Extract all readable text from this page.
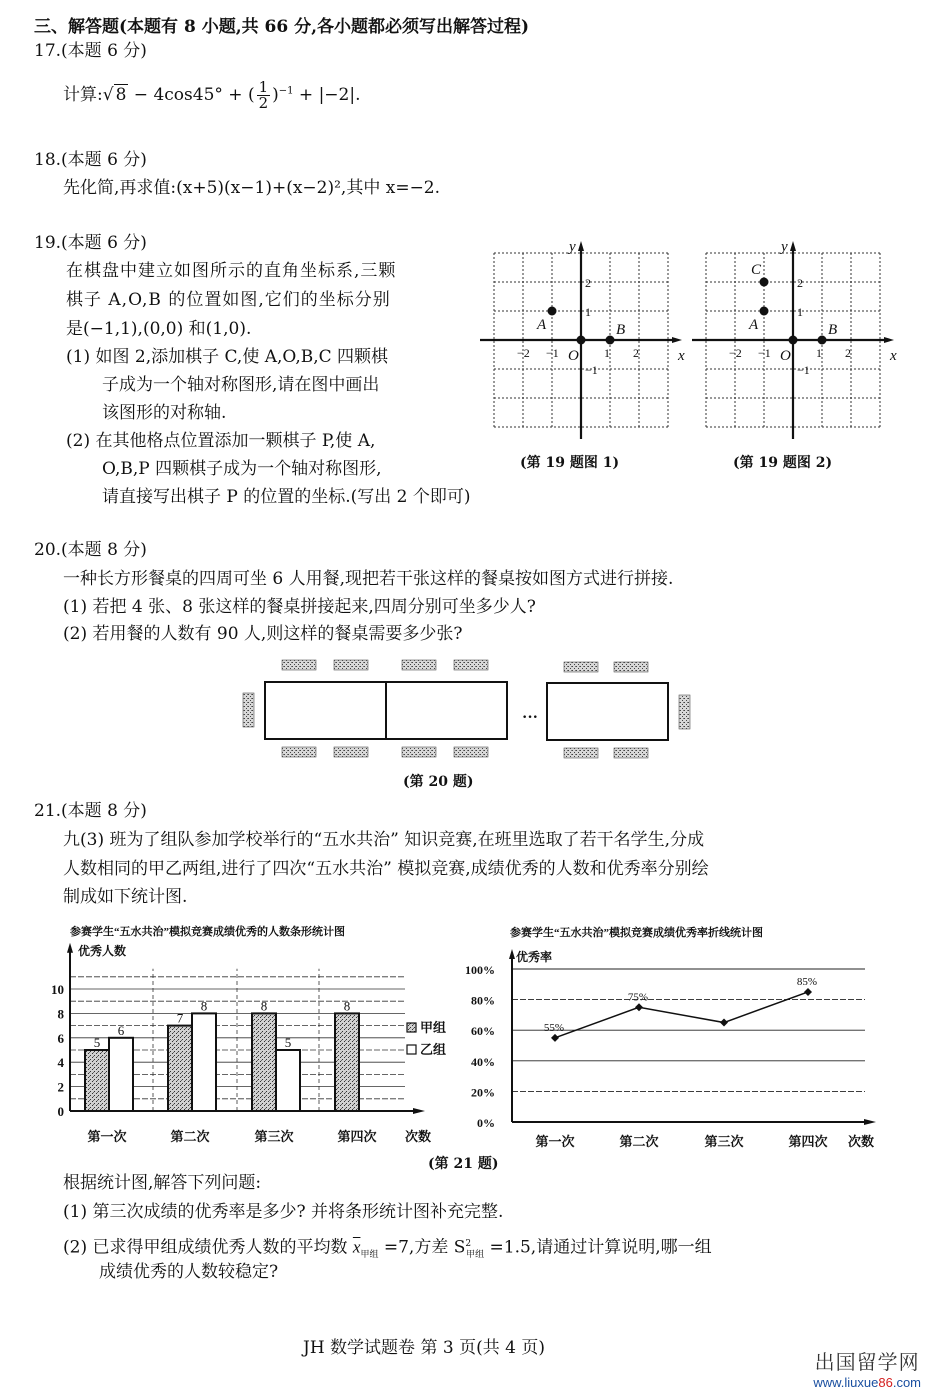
三、解答题(本题有 8 小题,共 66 分,各小题都必须写出解答过程)
17.(本题 6 分)
计算:√ 8 − 4cos45° + ( $\frac{1}{2} )^{-1} + |-2|$.
18.(本题 6 分)
先化简,再求值:(x+5)(x−1)+(x−2)²,其中 x=−2.
19.(本题 6 分)
在棋盘中建立如图所示的直角坐标系,三颗
棋子 A,O,B 的位置如图,它们的坐标分别
是(−1,1),(0,0) 和(1,0).
(1) 如图 2,添加棋子 C,使 A,O,B,C 四颗棋
子成为一个轴对称图形,请在图中画出
该图形的对称轴.
(2) 在其他格点位置添加一颗棋子 P,使 A,
O,B,P 四颗棋子成为一个轴对称图形,
请直接写出棋子 P 的位置的坐标.(写出 2 个即可)
y
x
O
−2 −1	1 2
2
1
−1
A	B
(第 19 题图 1)
y
x
O
−2 −1	1 2
2
1
−1
C
A	B
(第 19 题图 2)
20.(本题 8 分)
一种长方形餐桌的四周可坐 6 人用餐,现把若干张这样的餐桌按如图方式进行拼接.
(1) 若把 4 张、8 张这样的餐桌拼接起来,四周分别可坐多少人?
(2) 若用餐的人数有 90 人,则这样的餐桌需要多少张?
···
(第 20 题)
21.(本题 8 分)
九(3) 班为了组队参加学校举行的“五水共治” 知识竞赛,在班里选取了若干名学生,分成
人数相同的甲乙两组,进行了四次“五水共治” 模拟竞赛,成绩优秀的人数和优秀率分别绘
制成如下统计图.
参赛学生“五水共治”模拟竞赛成绩优秀的人数条形统计图
优秀人数
次数
0
2
4
6
8
10
第一次	第二次	第三次	第四次
5
7
8	8
6
8
5
甲组
乙组
参赛学生“五水共治”模拟竞赛成绩优秀率折线统计图
优秀率
次数
0%
20%
40%
60%
80%
100%
第一次	第二次	第三次	第四次
55%
75%
85%
(第 21 题)
根据统计图,解答下列问题:
(1) 第三次成绩的优秀率是多少? 并将条形统计图补充完整.
(2) 已求得甲组成绩优秀人数的平均数 $\overline{x}_{甲组} =7$,方差 $S^2_{甲组} =1.5$,请通过计算说明,哪一组
成绩优秀的人数较稳定?
JH 数学试题卷 第 3 页(共 4 页)
出国留学网
www.liuxue86.com
